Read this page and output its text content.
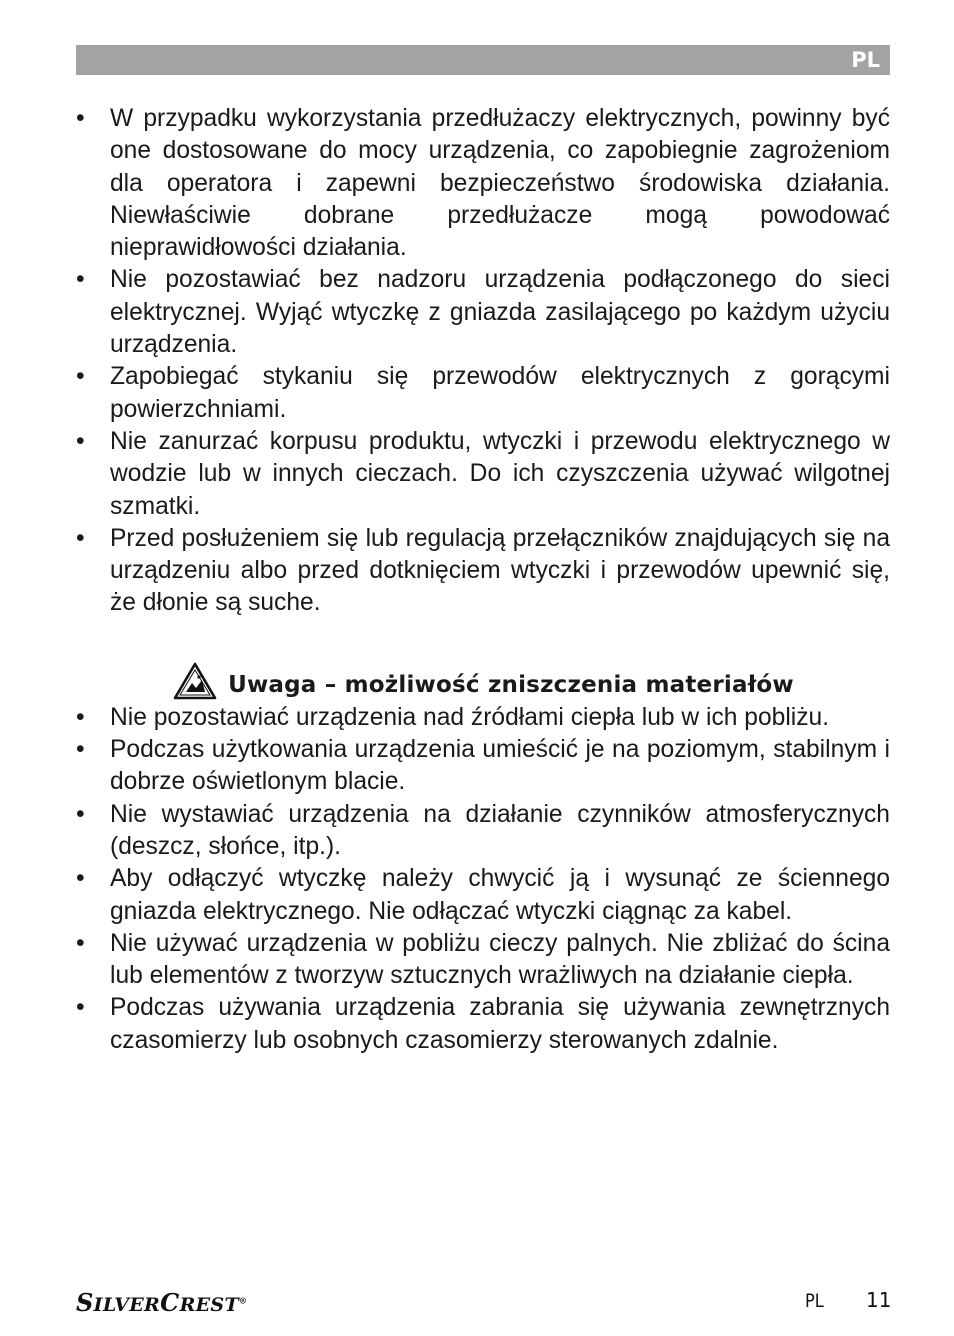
PL
• W przypadku wykorzystania przedłużaczy elektrycznych, powinny być one dostosowane do mocy urządzenia, co zapobiegnie zagrożeniom dla operatora i zapewni bezpieczeństwo środowiska działania. Niewłaściwie dobrane przedłużacze mogą powodować nieprawidłowości działania.
• Nie pozostawiać bez nadzoru urządzenia podłączonego do sieci elektrycznej. Wyjąć wtyczkę z gniazda zasilającego po każdym użyciu urządzenia.
• Zapobiegać stykaniu się przewodów elektrycznych z gorącymi powierzchniami.
• Nie zanurzać korpusu produktu, wtyczki i przewodu elektrycznego w wodzie lub w innych cieczach. Do ich czyszczenia używać wilgotnej szmatki.
• Przed posłużeniem się lub regulacją przełączników znajdujących się na urządzeniu albo przed dotknięciem wtyczki i przewodów upewnić się, że dłonie są suche.
Uwaga – możliwość zniszczenia materiałów
• Nie pozostawiać urządzenia nad źródłami ciepła lub w ich pobliżu.
• Podczas użytkowania urządzenia umieścić je na poziomym, stabilnym i dobrze oświetlonym blacie.
• Nie wystawiać urządzenia na działanie czynników atmosferycznych (deszcz, słońce, itp.).
• Aby odłączyć wtyczkę należy chwycić ją i wysunąć ze ściennego gniazda elektrycznego. Nie odłączać wtyczki ciągnąc za kabel.
• Nie używać urządzenia w pobliżu cieczy palnych. Nie zbliżać do ścina lub elementów z tworzyw sztucznych wrażliwych na działanie ciepła.
• Podczas używania urządzenia zabrania się używania zewnętrznych czasomierzy lub osobnych czasomierzy sterowanych zdalnie.
SILVERCREST®	PL 11
